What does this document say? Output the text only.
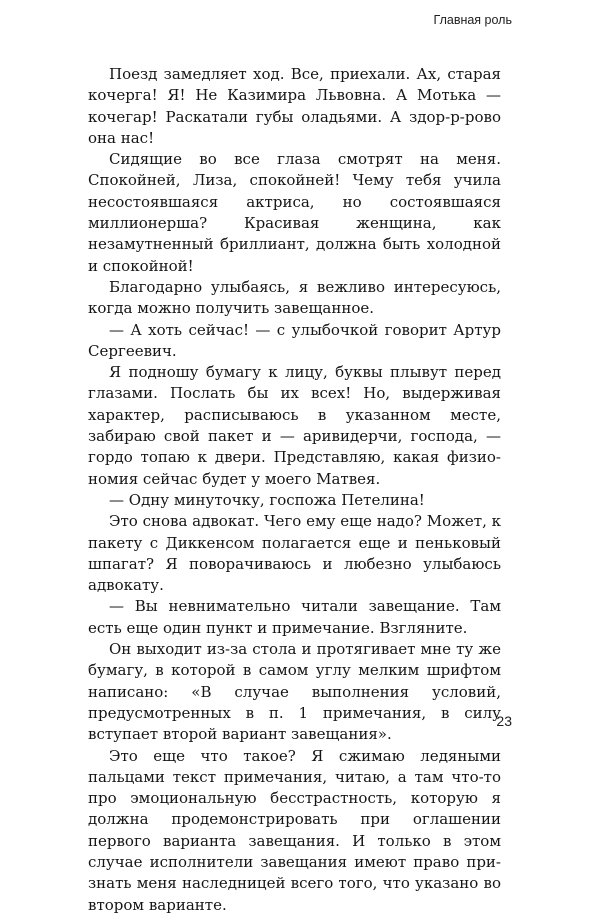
Главная роль

Поезд замедляет ход. Все, приехали. Ах, старая кочерга! Я! Не Казимира Львовна. А Мотька — кочегар! Раскатали губы оладьями. А здор-р-рово она нас!

Сидящие во все глаза смотрят на меня. Спокойней, Лиза, спокойней! Чему тебя учила несостоявшаяся актриса, но состоявшаяся миллионерша? Красивая женщина, как незамутненный бриллиант, должна быть холодной и спокойной!

Благодарно улыбаясь, я вежливо интересуюсь, когда можно получить завещанное.

— А хоть сейчас! — с улыбочкой говорит Артур Сергеевич.

Я подношу бумагу к лицу, буквы плывут перед глазами. Послать бы их всех! Но, выдерживая характер, расписываюсь в указанном месте, забираю свой пакет и — аривидерчи, господа, — гордо топаю к двери. Представляю, какая физиономия сейчас будет у моего Матвея.

— Одну минуточку, госпожа Петелина!

Это снова адвокат. Чего ему еще надо? Может, к пакету с Диккенсом полагается еще и пеньковый шпагат? Я поворачиваюсь и любезно улыбаюсь адвокату.

— Вы невнимательно читали завещание. Там есть еще один пункт и примечание. Взгляните.

Он выходит из-за стола и протягивает мне ту же бумагу, в которой в самом углу мелким шрифтом написано: «В случае выполнения условий, предусмотренных в п. 1 примечания, в силу вступает второй вариант завещания».

Это еще что такое? Я сжимаю ледяными пальцами текст примечания, читаю, а там что-то про эмоциональную бесстрастность, которую я должна продемонстрировать при оглашении первого варианта завещания. И только в этом случае исполнители завещания имеют право признать меня наследницей всего того, что указано во втором варианте.

23
